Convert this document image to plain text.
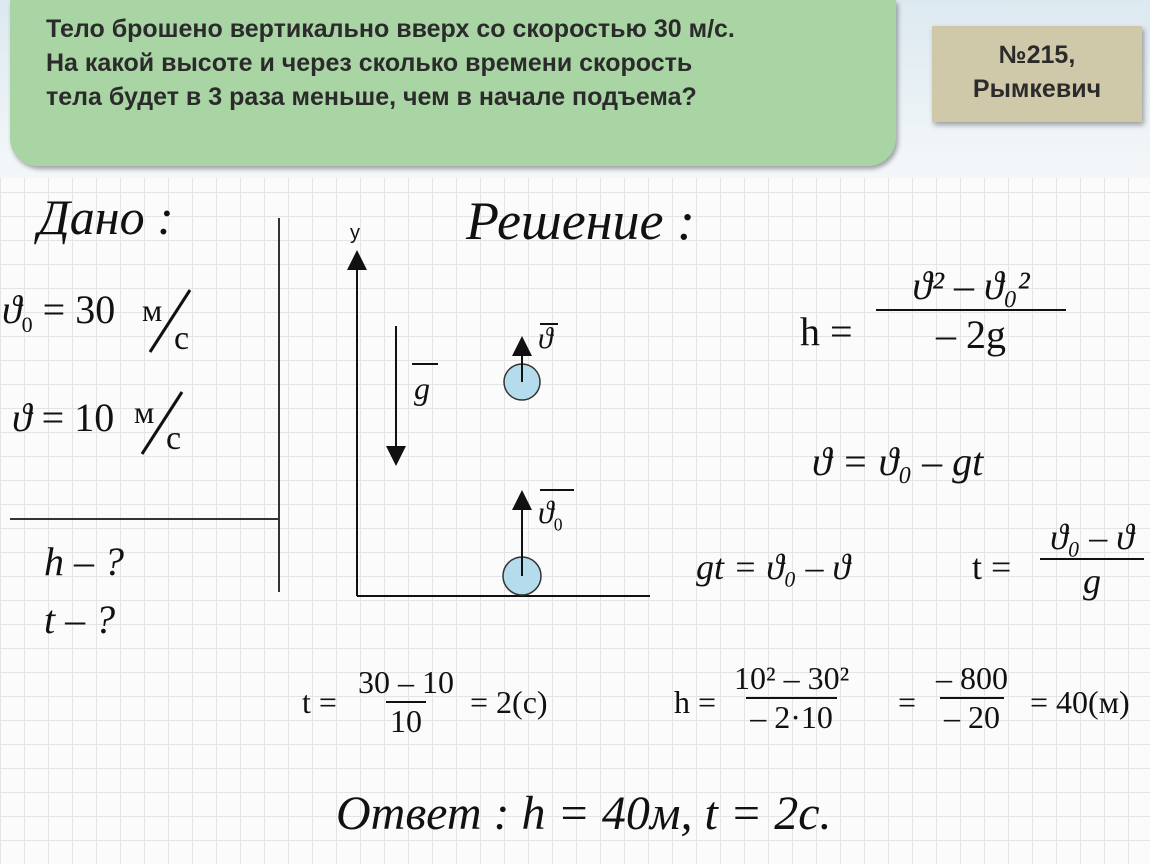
Тело брошено вертикально вверх со скоростью 30 м/с.
На какой высоте и через сколько времени скорость
тела будет в 3 раза меньше, чем в начале подъема?
№215,
Рымкевич
Дано :
$ϑ_0 = 30$ м
с
ϑ = 10 м
с
h – ?
t – ?
Решение :
y
g
ϑ
$ϑ_0$
$h = \frac{\text{ϑ² – ϑ₀²}}{- 2g}$
ϑ = ϑ₀ – gt
gt = ϑ₀ – ϑ	$t = \frac{\text{ϑ₀ – ϑ}}{g}$
$t = \frac{30 - 10}{10} = 2(с)$	$h = \frac{\text{10² – 30²}}{- 2\cdot 10} = \frac{- 800}{- 20} = 40(м)$
Ответ : h = 40м, t = 2с.
